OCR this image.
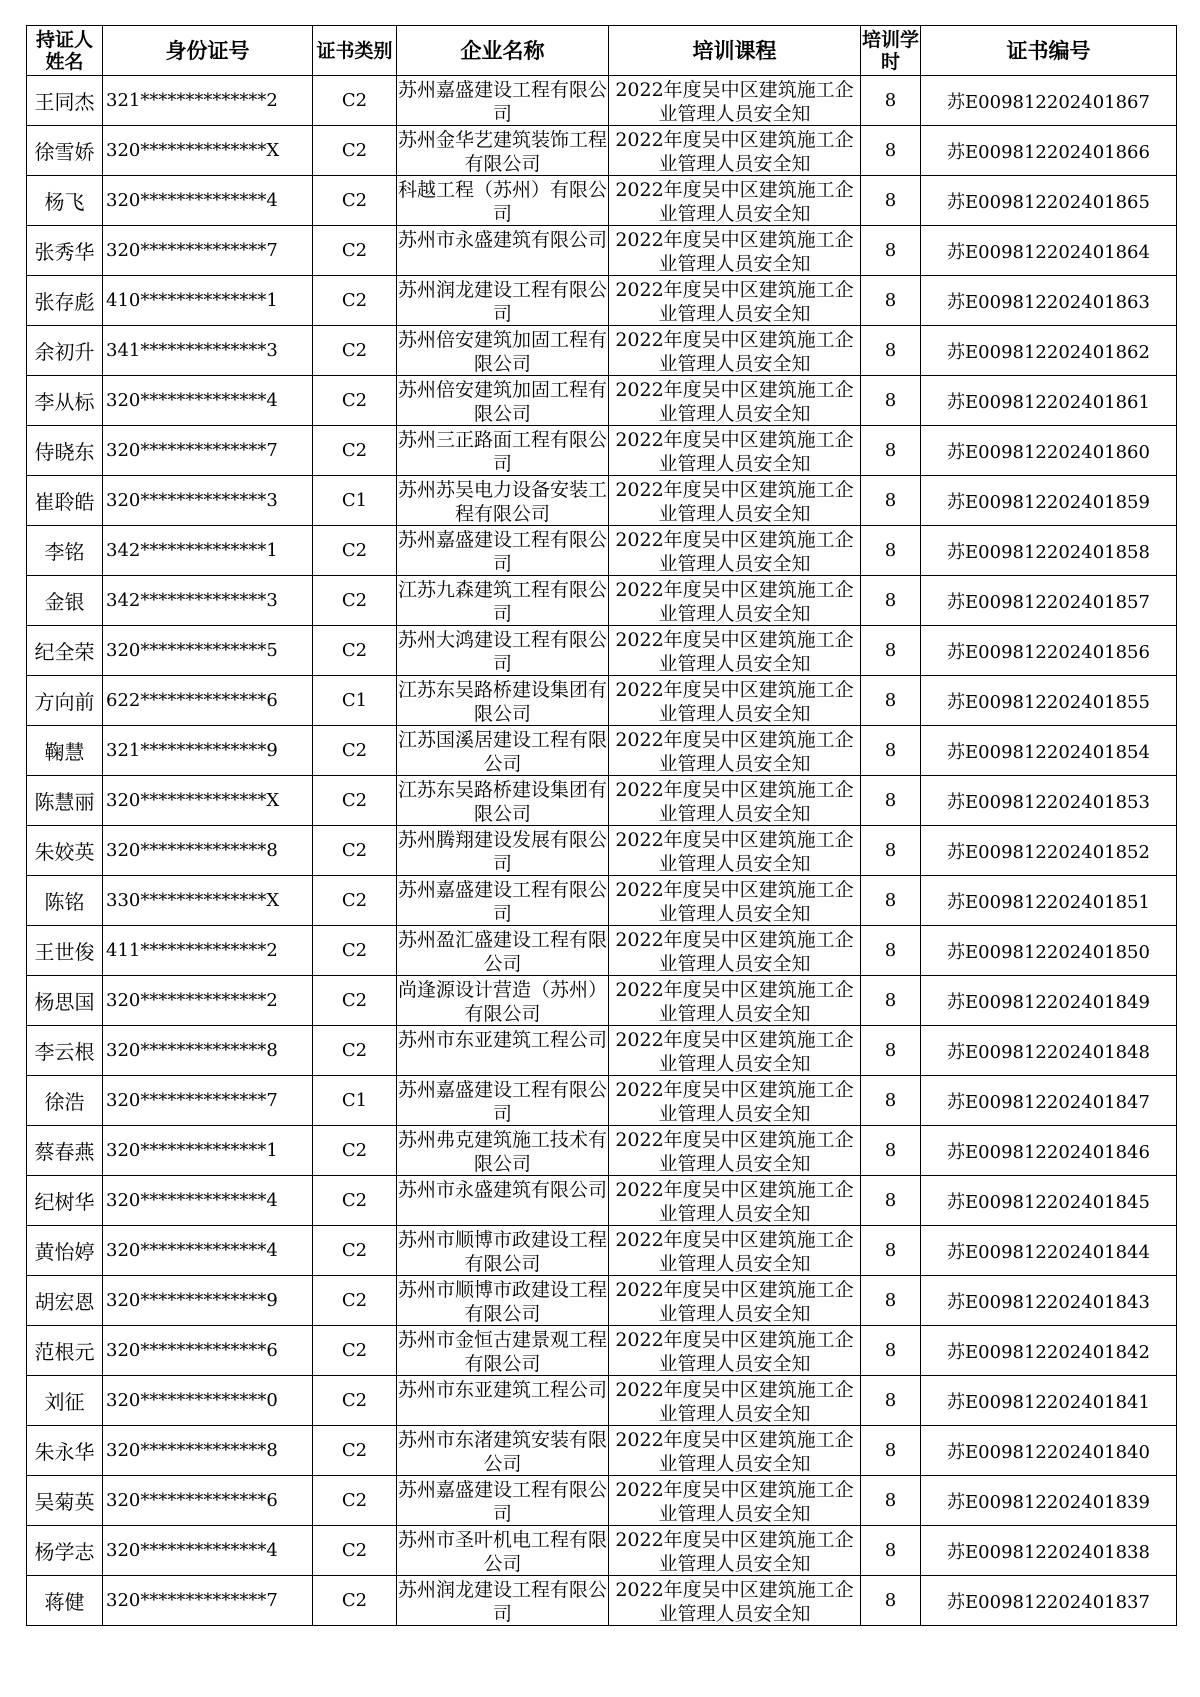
持证人姓名	身份证号	证书类别	企业名称	培训课程	培训学时	证书编号
王同杰	321**************2	C2	苏州嘉盛建设工程有限公司	2022年度吴中区建筑施工企业管理人员安全知	8	苏E009812202401867
徐雪娇	320**************X	C2	苏州金华艺建筑装饰工程有限公司	2022年度吴中区建筑施工企业管理人员安全知	8	苏E009812202401866
杨飞	320**************4	C2	科越工程（苏州）有限公司	2022年度吴中区建筑施工企业管理人员安全知	8	苏E009812202401865
张秀华	320**************7	C2	苏州市永盛建筑有限公司	2022年度吴中区建筑施工企业管理人员安全知	8	苏E009812202401864
张存彪	410**************1	C2	苏州润龙建设工程有限公司	2022年度吴中区建筑施工企业管理人员安全知	8	苏E009812202401863
余初升	341**************3	C2	苏州倍安建筑加固工程有限公司	2022年度吴中区建筑施工企业管理人员安全知	8	苏E009812202401862
李从标	320**************4	C2	苏州倍安建筑加固工程有限公司	2022年度吴中区建筑施工企业管理人员安全知	8	苏E009812202401861
侍晓东	320**************7	C2	苏州三正路面工程有限公司	2022年度吴中区建筑施工企业管理人员安全知	8	苏E009812202401860
崔聆皓	320**************3	C1	苏州苏吴电力设备安装工程有限公司	2022年度吴中区建筑施工企业管理人员安全知	8	苏E009812202401859
李铭	342**************1	C2	苏州嘉盛建设工程有限公司	2022年度吴中区建筑施工企业管理人员安全知	8	苏E009812202401858
金银	342**************3	C2	江苏九森建筑工程有限公司	2022年度吴中区建筑施工企业管理人员安全知	8	苏E009812202401857
纪全荣	320**************5	C2	苏州大鸿建设工程有限公司	2022年度吴中区建筑施工企业管理人员安全知	8	苏E009812202401856
方向前	622**************6	C1	江苏东吴路桥建设集团有限公司	2022年度吴中区建筑施工企业管理人员安全知	8	苏E009812202401855
鞠慧	321**************9	C2	江苏国溪居建设工程有限公司	2022年度吴中区建筑施工企业管理人员安全知	8	苏E009812202401854
陈慧丽	320**************X	C2	江苏东吴路桥建设集团有限公司	2022年度吴中区建筑施工企业管理人员安全知	8	苏E009812202401853
朱姣英	320**************8	C2	苏州腾翔建设发展有限公司	2022年度吴中区建筑施工企业管理人员安全知	8	苏E009812202401852
陈铭	330**************X	C2	苏州嘉盛建设工程有限公司	2022年度吴中区建筑施工企业管理人员安全知	8	苏E009812202401851
王世俊	411**************2	C2	苏州盈汇盛建设工程有限公司	2022年度吴中区建筑施工企业管理人员安全知	8	苏E009812202401850
杨思国	320**************2	C2	尚逢源设计营造（苏州）有限公司	2022年度吴中区建筑施工企业管理人员安全知	8	苏E009812202401849
李云根	320**************8	C2	苏州市东亚建筑工程公司	2022年度吴中区建筑施工企业管理人员安全知	8	苏E009812202401848
徐浩	320**************7	C1	苏州嘉盛建设工程有限公司	2022年度吴中区建筑施工企业管理人员安全知	8	苏E009812202401847
蔡春燕	320**************1	C2	苏州弗克建筑施工技术有限公司	2022年度吴中区建筑施工企业管理人员安全知	8	苏E009812202401846
纪树华	320**************4	C2	苏州市永盛建筑有限公司	2022年度吴中区建筑施工企业管理人员安全知	8	苏E009812202401845
黄怡婷	320**************4	C2	苏州市顺博市政建设工程有限公司	2022年度吴中区建筑施工企业管理人员安全知	8	苏E009812202401844
胡宏恩	320**************9	C2	苏州市顺博市政建设工程有限公司	2022年度吴中区建筑施工企业管理人员安全知	8	苏E009812202401843
范根元	320**************6	C2	苏州市金恒古建景观工程有限公司	2022年度吴中区建筑施工企业管理人员安全知	8	苏E009812202401842
刘征	320**************0	C2	苏州市东亚建筑工程公司	2022年度吴中区建筑施工企业管理人员安全知	8	苏E009812202401841
朱永华	320**************8	C2	苏州市东渚建筑安装有限公司	2022年度吴中区建筑施工企业管理人员安全知	8	苏E009812202401840
吴菊英	320**************6	C2	苏州嘉盛建设工程有限公司	2022年度吴中区建筑施工企业管理人员安全知	8	苏E009812202401839
杨学志	320**************4	C2	苏州市圣叶机电工程有限公司	2022年度吴中区建筑施工企业管理人员安全知	8	苏E009812202401838
蒋健	320**************7	C2	苏州润龙建设工程有限公司	2022年度吴中区建筑施工企业管理人员安全知	8	苏E009812202401837
